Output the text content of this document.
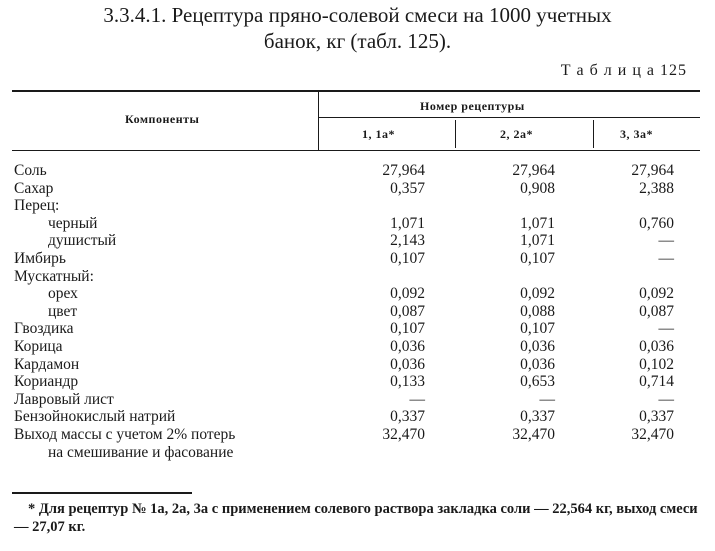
3.3.4.1. Рецептура пряно-солевой смеси на 1000 учетных
банок, кг (табл. 125).
Т а б л и ц а 125
Компоненты
Номер рецептуры
1, 1а*	2, 2а*	3, 3а*
Соль	27,964	27,964	27,964
Сахар	0,357	0,908	2,388
Перец:
черный	1,071	1,071	0,760
душистый	2,143	1,071	—
Имбирь	0,107	0,107	—
Мускатный:
орех	0,092	0,092	0,092
цвет	0,087	0,088	0,087
Гвоздика	0,107	0,107	—
Корица	0,036	0,036	0,036
Кардамон	0,036	0,036	0,102
Кориандр	0,133	0,653	0,714
Лавровый лист	—	—	—
Бензойнокислый натрий	0,337	0,337	0,337
Выход массы с учетом 2% потерь	32,470	32,470	32,470
на смешивание и фасование
* Для рецептур № 1а, 2а, 3а с применением солевого раствора закладка соли — 22,564 кг, выход смеси — 27,07 кг.
